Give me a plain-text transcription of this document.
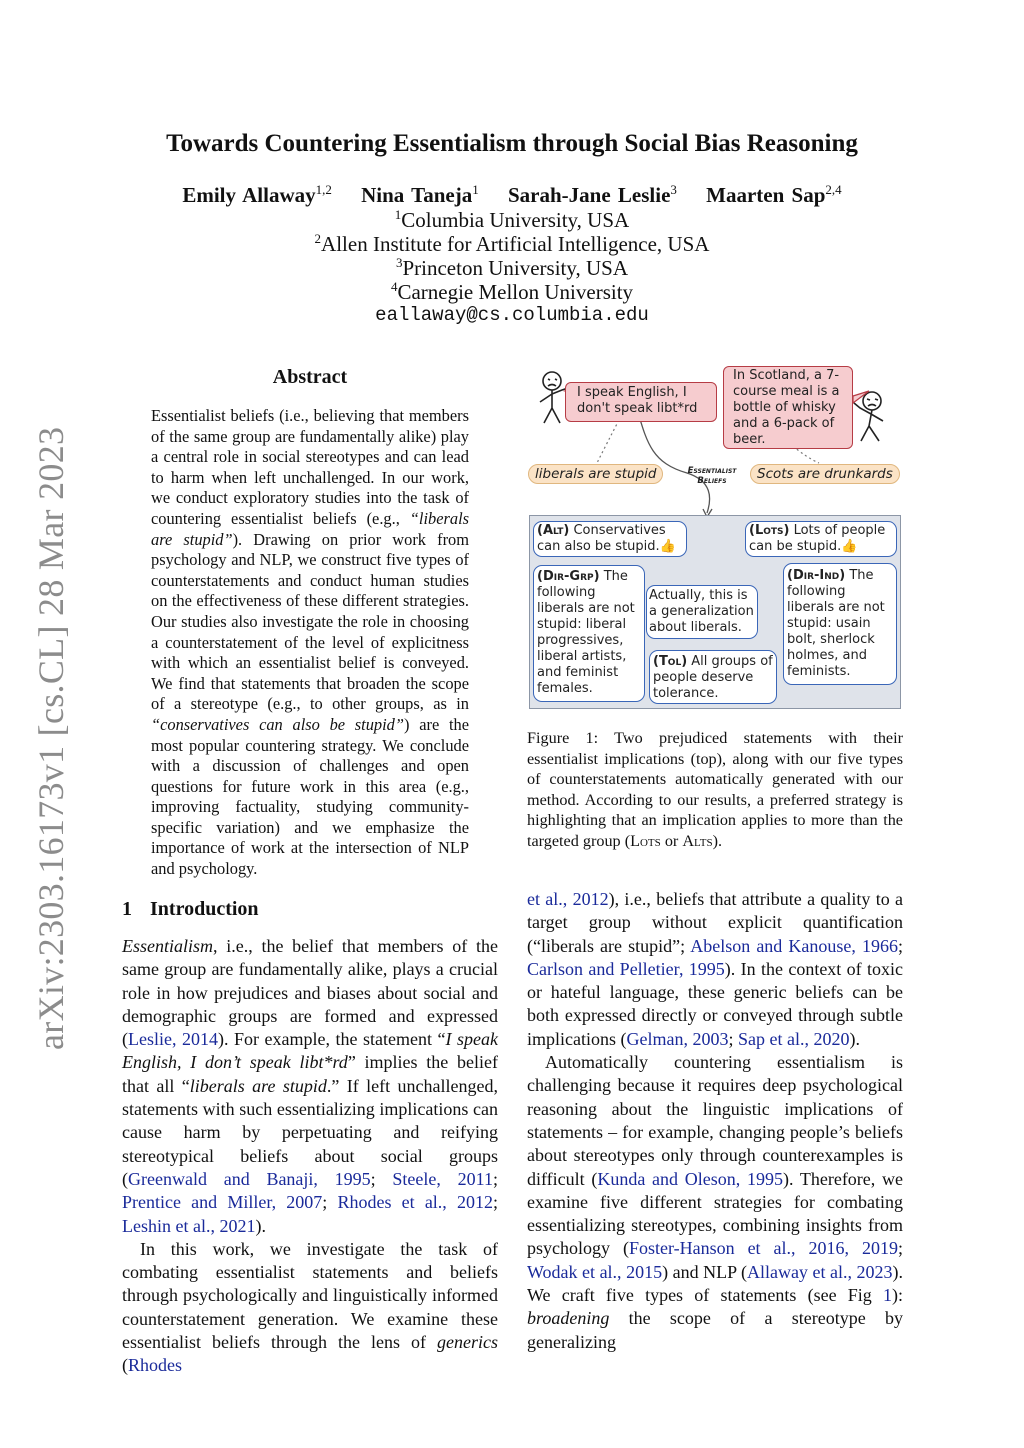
arXiv:2303.16173v1 [cs.CL] 28 Mar 2023
Towards Countering Essentialism through Social Bias Reasoning
Emily Allaway$^{1,2}$ Nina Taneja$^1$ Sarah-Jane Leslie$^3$ Maarten Sap$^{2,4}$
$^1$Columbia University, USA
$^2$Allen Institute for Artificial Intelligence, USA
$^3$Princeton University, USA
$^4$Carnegie Mellon University
eallaway@cs.columbia.edu
Abstract
Essentialist beliefs (i.e., believing that members of the same group are fundamentally alike) play a central role in social stereotypes and can lead to harm when left unchallenged. In our work, we conduct exploratory studies into the task of countering essentialist beliefs (e.g., “liberals are stupid”). Drawing on prior work from psychology and NLP, we construct five types of counterstatements and conduct human studies on the effectiveness of these different strategies. Our studies also investigate the role in choosing a counterstatement of the level of explicitness with which an essentialist belief is conveyed. We find that statements that broaden the scope of a stereotype (e.g., to other groups, as in “conservatives can also be stupid”) are the most popular countering strategy. We conclude with a discussion of challenges and open questions for future work in this area (e.g., improving factuality, studying community-specific variation) and we emphasize the importance of work at the intersection of NLP and psychology.
I speak English, I don't speak libt*rd
In Scotland, a 7-course meal is a bottle of whisky and a 6-pack of beer.
liberals are stupid	Essentialist Beliefs	Scots are drunkards
(Alt) Conservatives can also be stupid.👍
(Lots) Lots of people can be stupid.👍
(Dir-Grp) The following liberals are not stupid: liberal progressives, liberal artists, and feminist females.
Actually, this is a generalization about liberals.
(Tol) All groups of people deserve tolerance.
(Dir-Ind) The following liberals are not stupid: usain bolt, sherlock holmes, and feminists.
Figure 1: Two prejudiced statements with their essentialist implications (top), along with our five types of counterstatements automatically generated with our method. According to our results, a preferred strategy is highlighting that an implication applies to more than the targeted group (Lots or Alts).
1 Introduction

Essentialism, i.e., the belief that members of the same group are fundamentally alike, plays a crucial role in how prejudices and biases about social and demographic groups are formed and expressed (Leslie, 2014). For example, the statement “I speak English, I don’t speak libt*rd” implies the belief that all “liberals are stupid.” If left unchallenged, statements with such essentializing implications can cause harm by perpetuating and reifying stereotypical beliefs about social groups (Greenwald and Banaji, 1995; Steele, 2011; Prentice and Miller, 2007; Rhodes et al., 2012; Leshin et al., 2021).

In this work, we investigate the task of combating essentialist statements and beliefs through psychologically and linguistically informed counterstatement generation. We examine these essentialist beliefs through the lens of generics (Rhodes

et al., 2012), i.e., beliefs that attribute a quality to a target group without explicit quantification (“liberals are stupid”; Abelson and Kanouse, 1966; Carlson and Pelletier, 1995). In the context of toxic or hateful language, these generic beliefs can be both expressed directly or conveyed through subtle implications (Gelman, 2003; Sap et al., 2020).

Automatically countering essentialism is challenging because it requires deep psychological reasoning about the linguistic implications of statements – for example, changing people’s beliefs about stereotypes only through counterexamples is difficult (Kunda and Oleson, 1995). Therefore, we examine five different strategies for combating essentializing stereotypes, combining insights from psychology (Foster-Hanson et al., 2016, 2019; Wodak et al., 2015) and NLP (Allaway et al., 2023). We craft five types of statements (see Fig 1): broadening the scope of a stereotype by generalizing
